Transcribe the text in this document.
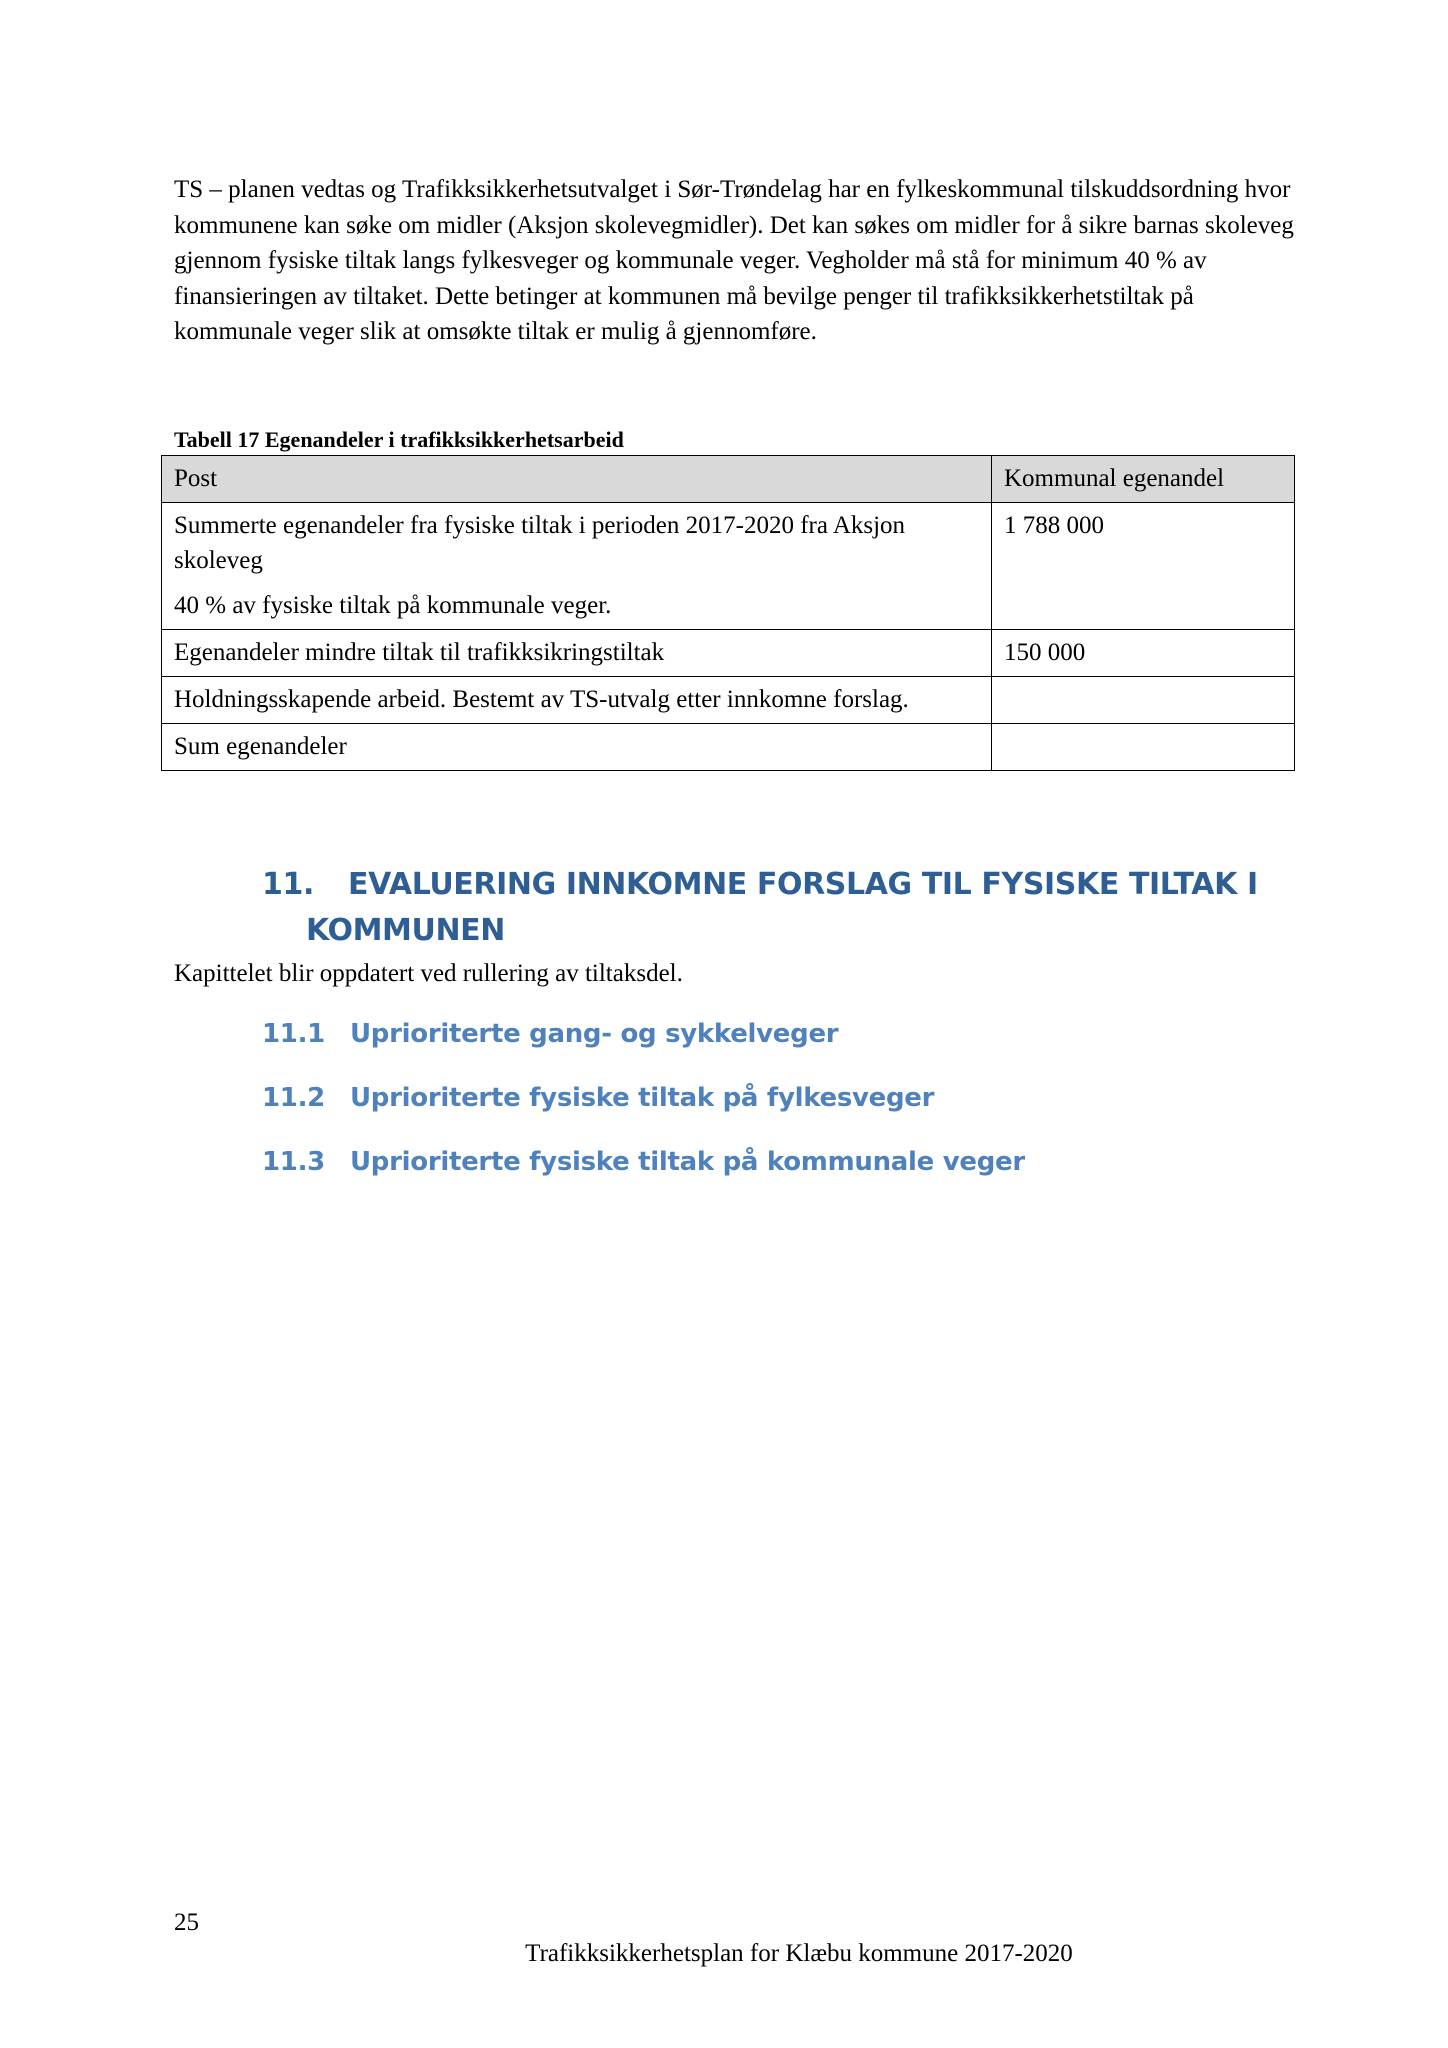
TS – planen vedtas og Trafikksikkerhetsutvalget i Sør-Trøndelag har en fylkeskommunal tilskuddsordning hvor kommunene kan søke om midler (Aksjon skolevegmidler). Det kan søkes om midler for å sikre barnas skoleveg gjennom fysiske tiltak langs fylkesveger og kommunale veger. Vegholder må stå for minimum 40 % av finansieringen av tiltaket. Dette betinger at kommunen må bevilge penger til trafikksikkerhetstiltak på kommunale veger slik at omsøkte tiltak er mulig å gjennomføre.

Tabell 17 Egenandeler i trafikksikkerhetsarbeid

Post	Kommunal egenandel

Summerte egenandeler fra fysiske tiltak i perioden 2017-2020 fra Aksjon skoleveg
40 % av fysiske tiltak på kommunale veger.	1 788 000
Egenandeler mindre tiltak til trafikksikringstiltak	150 000
Holdningsskapende arbeid. Bestemt av TS-utvalg etter innkomne forslag.	
Sum egenandeler	
11. EVALUERING INNKOMNE FORSLAG TIL FYSISKE TILTAK I
KOMMUNEN

Kapittelet blir oppdatert ved rullering av tiltaksdel.

11.1 Uprioriterte gang- og sykkelveger
11.2 Uprioriterte fysiske tiltak på fylkesveger
11.3 Uprioriterte fysiske tiltak på kommunale veger

25

Trafikksikkerhetsplan for Klæbu kommune 2017-2020
